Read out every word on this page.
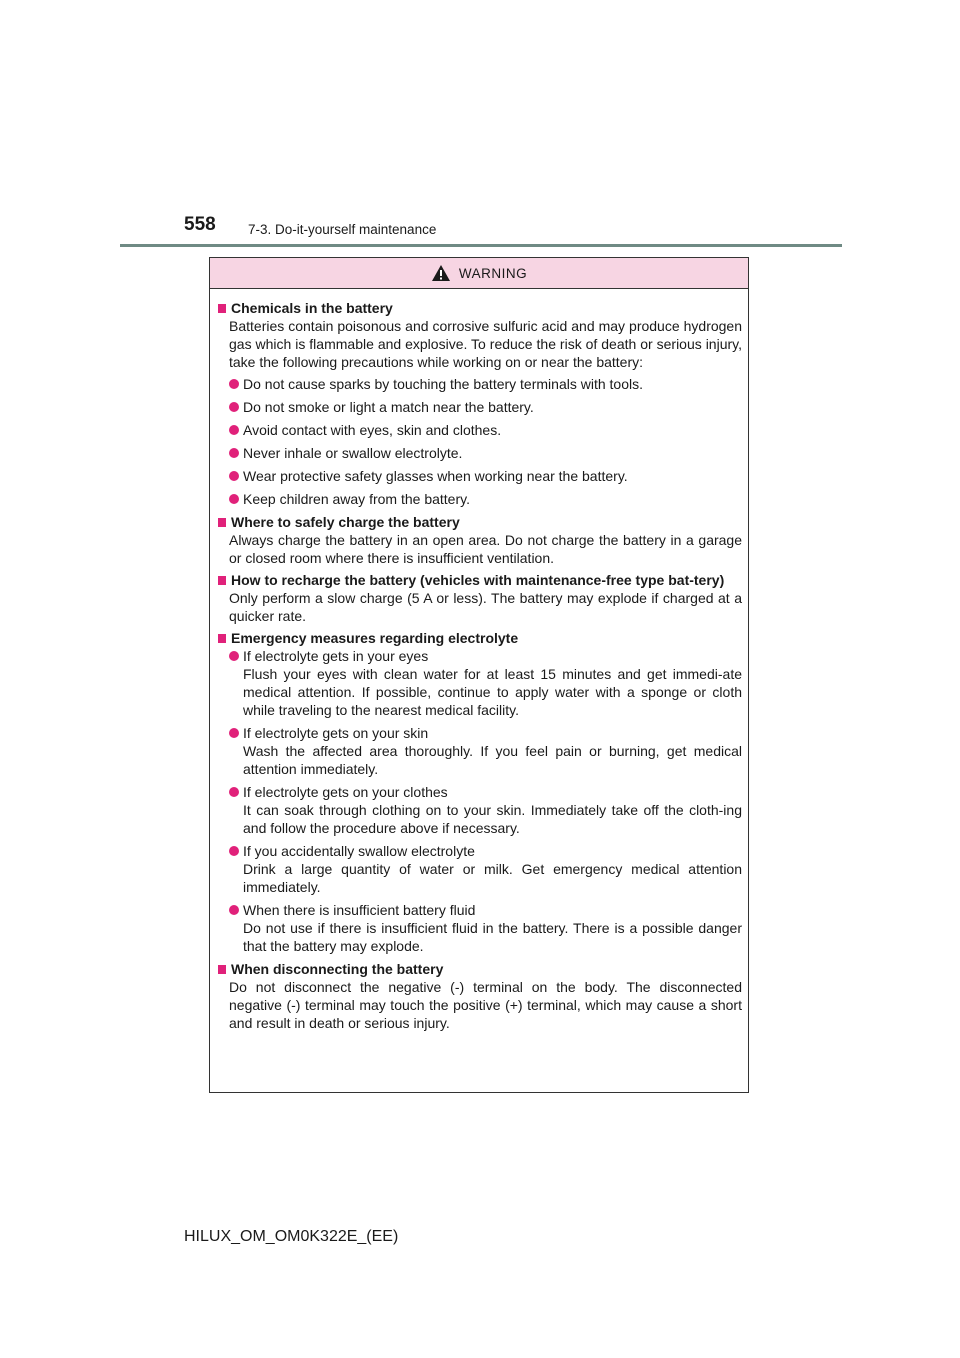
558 7-3. Do-it-yourself maintenance
WARNING
Chemicals in the battery
Batteries contain poisonous and corrosive sulfuric acid and may produce hydrogen gas which is flammable and explosive. To reduce the risk of death or serious injury, take the following precautions while working on or near the battery:
Do not cause sparks by touching the battery terminals with tools.
Do not smoke or light a match near the battery.
Avoid contact with eyes, skin and clothes.
Never inhale or swallow electrolyte.
Wear protective safety glasses when working near the battery.
Keep children away from the battery.
Where to safely charge the battery
Always charge the battery in an open area. Do not charge the battery in a garage or closed room where there is insufficient ventilation.
How to recharge the battery (vehicles with maintenance-free type bat-tery)
Only perform a slow charge (5 A or less). The battery may explode if charged at a quicker rate.
Emergency measures regarding electrolyte
If electrolyte gets in your eyes
Flush your eyes with clean water for at least 15 minutes and get immedi-ate medical attention. If possible, continue to apply water with a sponge or cloth while traveling to the nearest medical facility.
If electrolyte gets on your skin
Wash the affected area thoroughly. If you feel pain or burning, get medical attention immediately.
If electrolyte gets on your clothes
It can soak through clothing on to your skin. Immediately take off the cloth-ing and follow the procedure above if necessary.
If you accidentally swallow electrolyte
Drink a large quantity of water or milk. Get emergency medical attention immediately.
When there is insufficient battery fluid
Do not use if there is insufficient fluid in the battery. There is a possible danger that the battery may explode.
When disconnecting the battery
Do not disconnect the negative (-) terminal on the body. The disconnected negative (-) terminal may touch the positive (+) terminal, which may cause a short and result in death or serious injury.
HILUX_OM_OM0K322E_(EE)
